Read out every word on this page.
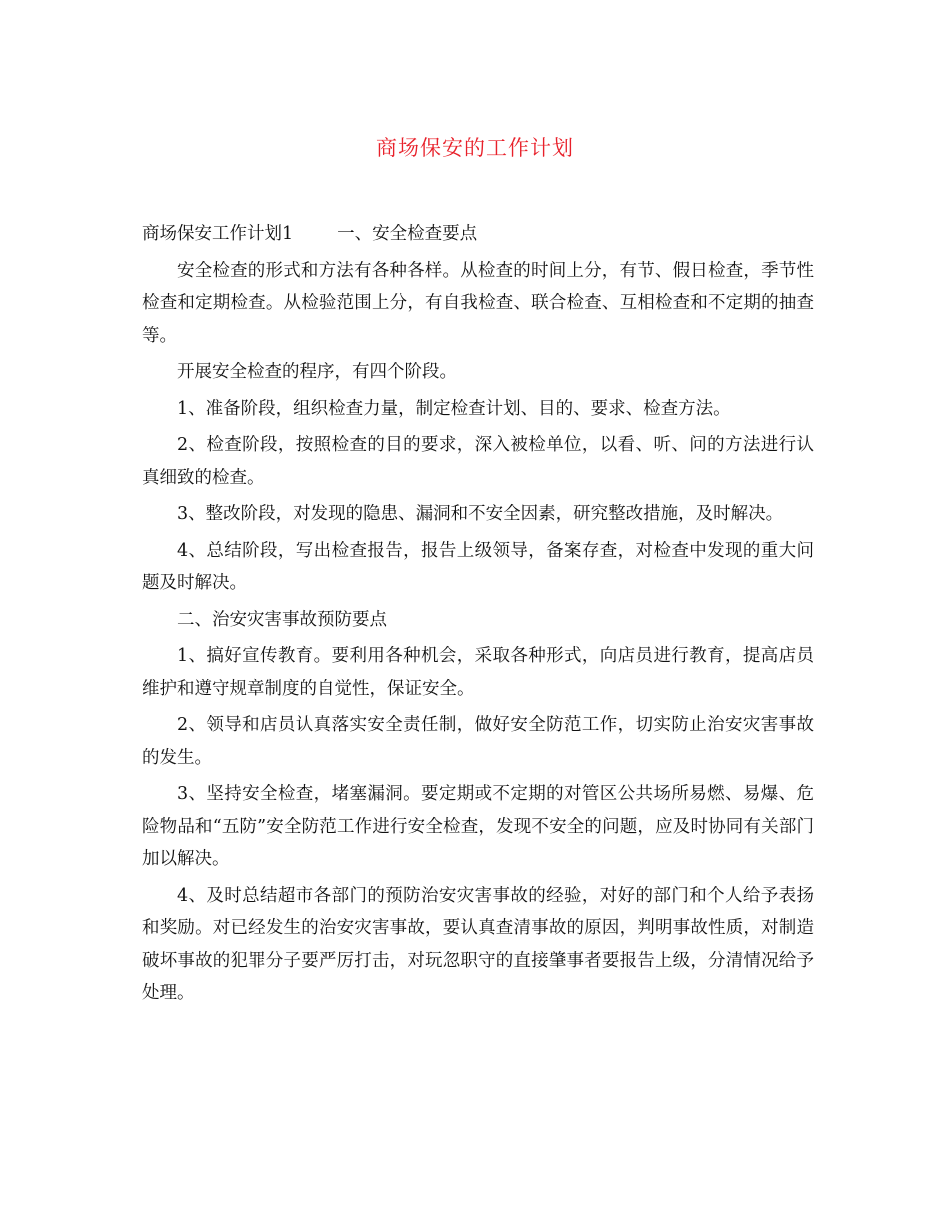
商场保安的工作计划

商场保安工作计划1	一、安全检查要点

安全检查的形式和方法有各种各样。从检查的时间上分，有节、假日检查，季节性检查和定期检查。从检验范围上分，有自我检查、联合检查、互相检查和不定期的抽查等。

开展安全检查的程序，有四个阶段。

1、准备阶段，组织检查力量，制定检查计划、目的、要求、检查方法。

2、检查阶段，按照检查的目的要求，深入被检单位，以看、听、问的方法进行认真细致的检查。

3、整改阶段，对发现的隐患、漏洞和不安全因素，研究整改措施，及时解决。

4、总结阶段，写出检查报告，报告上级领导，备案存查，对检查中发现的重大问题及时解决。

二、治安灾害事故预防要点

1、搞好宣传教育。要利用各种机会，采取各种形式，向店员进行教育，提高店员维护和遵守规章制度的自觉性，保证安全。

2、领导和店员认真落实安全责任制，做好安全防范工作，切实防止治安灾害事故的发生。

3、坚持安全检查，堵塞漏洞。要定期或不定期的对管区公共场所易燃、易爆、危险物品和“五防”安全防范工作进行安全检查，发现不安全的问题，应及时协同有关部门加以解决。

4、及时总结超市各部门的预防治安灾害事故的经验，对好的部门和个人给予表扬和奖励。对已经发生的治安灾害事故，要认真查清事故的原因，判明事故性质，对制造破坏事故的犯罪分子要严厉打击，对玩忽职守的直接肇事者要报告上级，分清情况给予处理。
